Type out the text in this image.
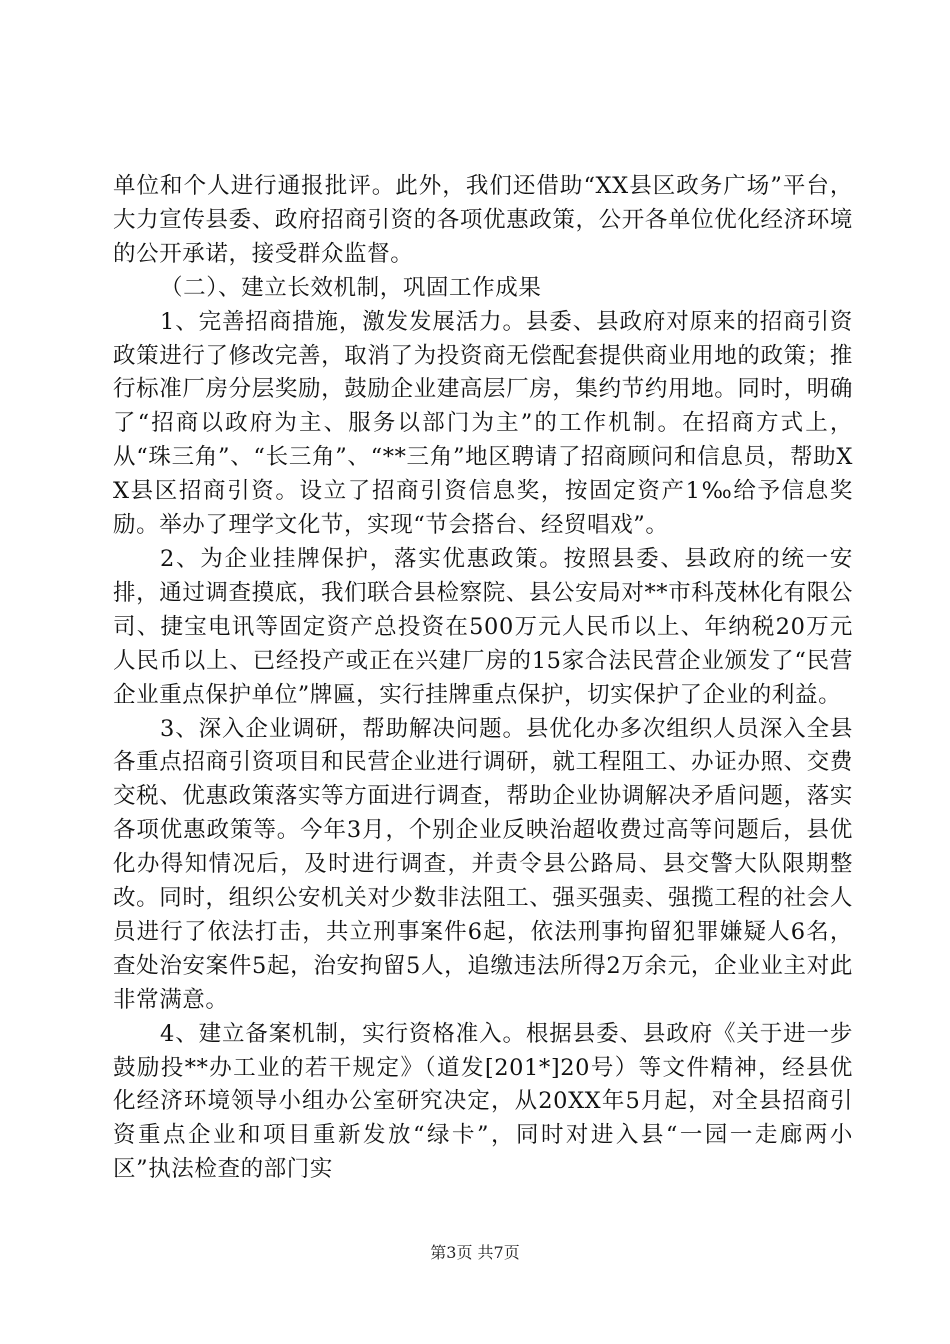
单位和个人进行通报批评。此外，我们还借助“XX县区政务广场”平台，大力宣传县委、政府招商引资的各项优惠政策，公开各单位优化经济环境的公开承诺，接受群众监督。

（二）、建立长效机制，巩固工作成果

1、完善招商措施，激发发展活力。县委、县政府对原来的招商引资政策进行了修改完善，取消了为投资商无偿配套提供商业用地的政策；推行标准厂房分层奖励，鼓励企业建高层厂房，集约节约用地。同时，明确了“招商以政府为主、服务以部门为主”的工作机制。在招商方式上，从“珠三角”、“长三角”、“**三角”地区聘请了招商顾问和信息员，帮助XX县区招商引资。设立了招商引资信息奖，按固定资产1‰给予信息奖励。举办了理学文化节，实现“节会搭台、经贸唱戏”。

2、为企业挂牌保护，落实优惠政策。按照县委、县政府的统一安排，通过调查摸底，我们联合县检察院、县公安局对**市科茂林化有限公司、捷宝电讯等固定资产总投资在500万元人民币以上、年纳税20万元人民币以上、已经投产或正在兴建厂房的15家合法民营企业颁发了“民营企业重点保护单位”牌匾，实行挂牌重点保护，切实保护了企业的利益。

3、深入企业调研，帮助解决问题。县优化办多次组织人员深入全县各重点招商引资项目和民营企业进行调研，就工程阻工、办证办照、交费交税、优惠政策落实等方面进行调查，帮助企业协调解决矛盾问题，落实各项优惠政策等。今年3月，个别企业反映治超收费过高等问题后，县优化办得知情况后，及时进行调查，并责令县公路局、县交警大队限期整改。同时，组织公安机关对少数非法阻工、强买强卖、强揽工程的社会人员进行了依法打击，共立刑事案件6起，依法刑事拘留犯罪嫌疑人6名，查处治安案件5起，治安拘留5人，追缴违法所得2万余元，企业业主对此非常满意。

4、建立备案机制，实行资格准入。根据县委、县政府《关于进一步鼓励投**办工业的若干规定》（道发[201*]20号）等文件精神，经县优化经济环境领导小组办公室研究决定，从20XX年5月起，对全县招商引资重点企业和项目重新发放“绿卡”，同时对进入县“一园一走廊两小区”执法检查的部门实

第3页 共7页
